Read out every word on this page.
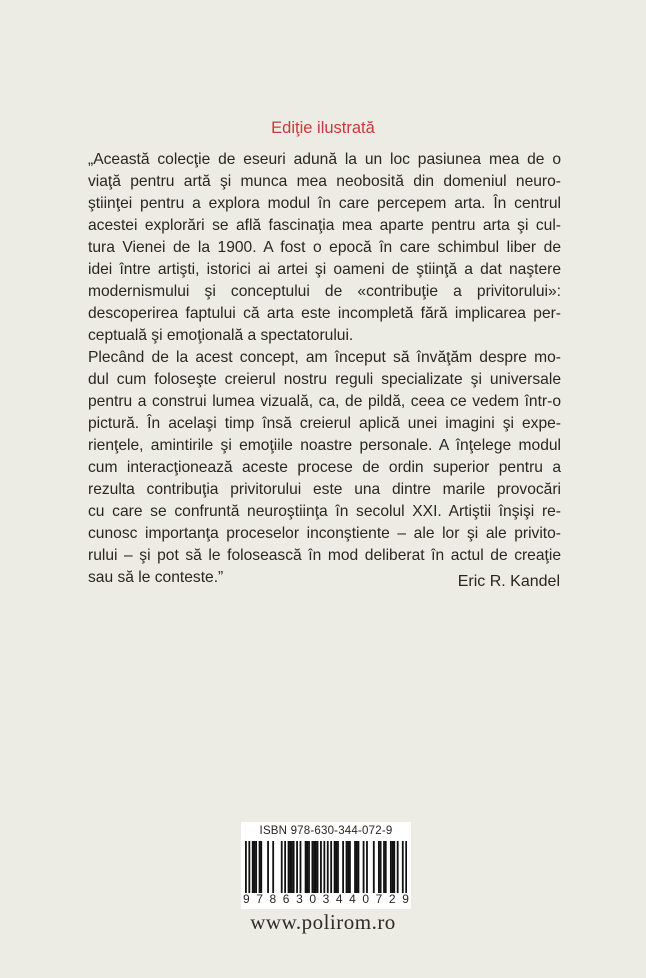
Ediţie ilustrată
„Această colecţie de eseuri adună la un loc pasiunea mea de o
viaţă pentru artă şi munca mea neobosită din domeniul neuro-
ştiinţei pentru a explora modul în care percepem arta. În centrul
acestei explorări se află fascinaţia mea aparte pentru arta şi cul-
tura Vienei de la 1900. A fost o epocă în care schimbul liber de
idei între artişti, istorici ai artei şi oameni de ştiinţă a dat naştere
modernismului şi conceptului de «contribuţie a privitorului»:
descoperirea faptului că arta este incompletă fără implicarea per-
ceptuală şi emoţională a spectatorului.
Plecând de la acest concept, am început să învăţăm despre mo-
dul cum foloseşte creierul nostru reguli specializate şi universale
pentru a construi lumea vizuală, ca, de pildă, ceea ce vedem într-o
pictură. În acelaşi timp însă creierul aplică unei imagini şi expe-
rienţele, amintirile şi emoţiile noastre personale. A înţelege modul
cum interacţionează aceste procese de ordin superior pentru a
rezulta contribuţia privitorului este una dintre marile provocări
cu care se confruntă neuroştiinţa în secolul XXI. Artiştii înşişi re-
cunosc importanţa proceselor inconştiente – ale lor şi ale privito-
rului – şi pot să le folosească în mod deliberat în actul de creaţie
sau să le conteste.”	Eric R. Kandel
ISBN 978-630-344-072-9
9 7 8 6 3 0 3 4 4 0 7 2 9
www.polirom.ro
